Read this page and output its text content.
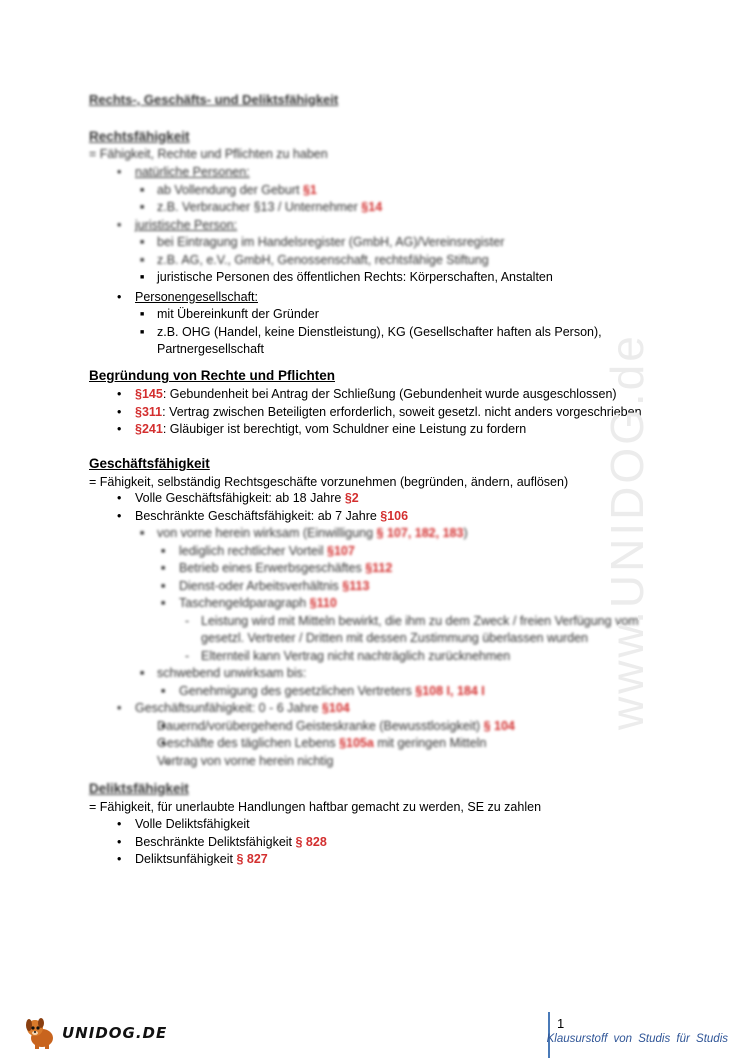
Rechts-, Geschäfts- und Deliktsfähigkeit
Rechtsfähigkeit
= Fähigkeit, Rechte und Pflichten zu haben
• natürliche Personen:
■ ab Vollendung der Geburt §1
■ z.B. Verbraucher §13 / Unternehmer §14
• juristische Person:
■ bei Eintragung im Handelsregister (GmbH, AG)/Vereinsregister
■ z.B. AG, e.V., GmbH, Genossenschaft, rechtsfähige Stiftung
■ juristische Personen des öffentlichen Rechts: Körperschaften, Anstalten
• Personengesellschaft:
■ mit Übereinkunft der Gründer
■ z.B. OHG (Handel, keine Dienstleistung), KG (Gesellschafter haften als Person),
Partnergesellschaft
Begründung von Rechte und Pflichten
• §145: Gebundenheit bei Antrag der Schließung (Gebundenheit wurde ausgeschlossen)
• §311: Vertrag zwischen Beteiligten erforderlich, soweit gesetzl. nicht anders vorgeschrieben
• §241: Gläubiger ist berechtigt, vom Schuldner eine Leistung zu fordern
Geschäftsfähigkeit
= Fähigkeit, selbständig Rechtsgeschäfte vorzunehmen (begründen, ändern, auflösen)
• Volle Geschäftsfähigkeit: ab 18 Jahre §2
• Beschränkte Geschäftsfähigkeit: ab 7 Jahre §106
■ von vorne herein wirksam (Einwilligung § 107, 182, 183)
■ lediglich rechtlicher Vorteil §107
■ Betrieb eines Erwerbsgeschäftes §112
■ Dienst-oder Arbeitsverhältnis §113
■ Taschengeldparagraph §110
- Leistung wird mit Mitteln bewirkt, die ihm zu dem Zweck / freien Verfügung vom
gesetzl. Vertreter / Dritten mit dessen Zustimmung überlassen wurden
- Elternteil kann Vertrag nicht nachträglich zurücknehmen
■ schwebend unwirksam bis:
■ Genehmigung des gesetzlichen Vertreters §108 I, 184 I
• Geschäftsunfähigkeit: 0 - 6 Jahre §104
■ Dauernd/vorübergehend Geisteskranke (Bewusstlosigkeit) § 104
■ Geschäfte des täglichen Lebens §105a mit geringen Mitteln
→ Vertrag von vorne herein nichtig
Deliktsfähigkeit
= Fähigkeit, für unerlaubte Handlungen haftbar gemacht zu werden, SE zu zahlen
• Volle Deliktsfähigkeit
• Beschränkte Deliktsfähigkeit § 828
• Deliktsunfähigkeit § 827
www.UNIDOG.de
UNIDOG.DE
1
Klausurstoff von Studis für Studis
